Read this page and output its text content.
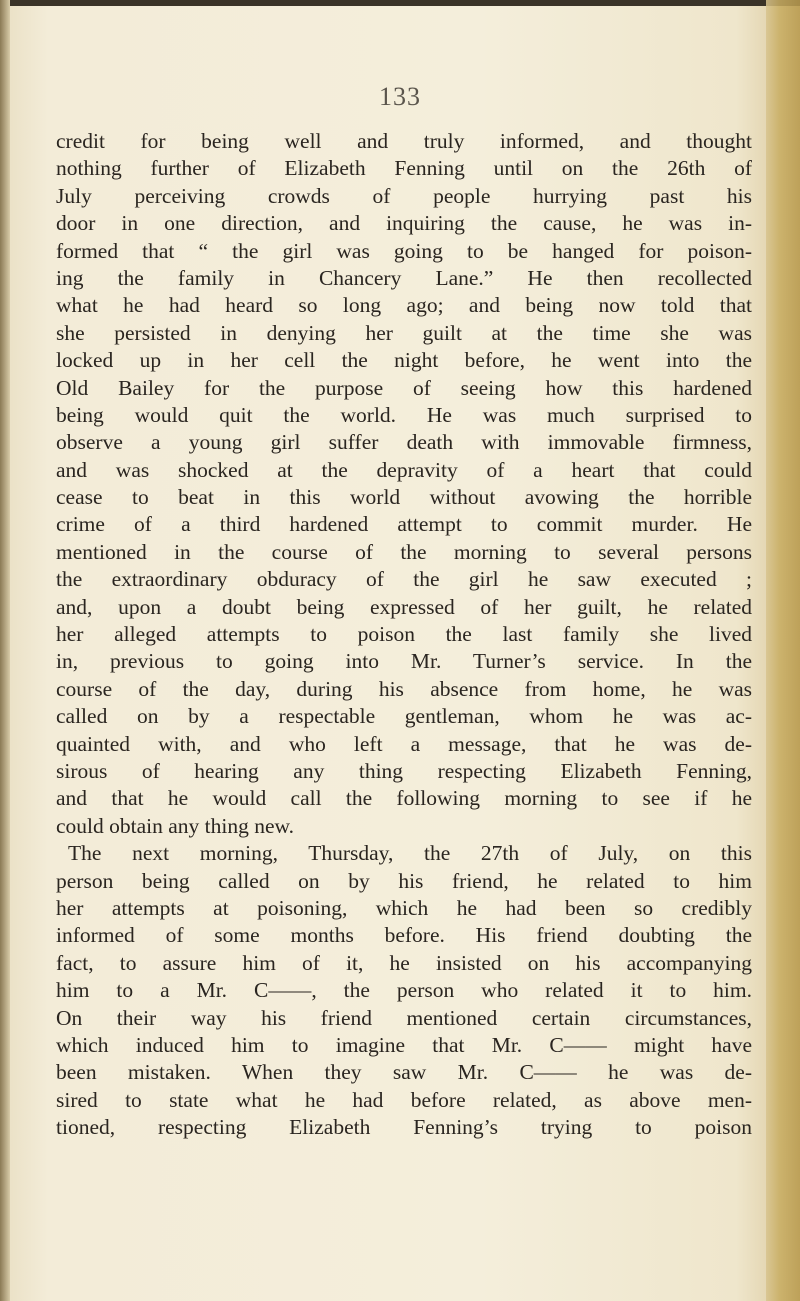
133
credit for being well and truly informed, and thought
nothing further of Elizabeth Fenning until on the 26th of
July perceiving crowds of people hurrying past his
door in one direction, and inquiring the cause, he was in-
formed that “ the girl was going to be hanged for poison-
ing the family in Chancery Lane.” He then recollected
what he had heard so long ago; and being now told that
she persisted in denying her guilt at the time she was
locked up in her cell the night before, he went into the
Old Bailey for the purpose of seeing how this hardened
being would quit the world. He was much surprised to
observe a young girl suffer death with immovable firmness,
and was shocked at the depravity of a heart that could
cease to beat in this world without avowing the horrible
crime of a third hardened attempt to commit murder. He
mentioned in the course of the morning to several persons
the extraordinary obduracy of the girl he saw executed ;
and, upon a doubt being expressed of her guilt, he related
her alleged attempts to poison the last family she lived
in, previous to going into Mr. Turner’s service. In the
course of the day, during his absence from home, he was
called on by a respectable gentleman, whom he was ac-
quainted with, and who left a message, that he was de-
sirous of hearing any thing respecting Elizabeth Fenning,
and that he would call the following morning to see if he
could obtain any thing new.
The next morning, Thursday, the 27th of July, on this
person being called on by his friend, he related to him
her attempts at poisoning, which he had been so credibly
informed of some months before. His friend doubting the
fact, to assure him of it, he insisted on his accompanying
him to a Mr. C——, the person who related it to him.
On their way his friend mentioned certain circumstances,
which induced him to imagine that Mr. C—— might have
been mistaken. When they saw Mr. C—— he was de-
sired to state what he had before related, as above men-
tioned, respecting Elizabeth Fenning’s trying to poison
